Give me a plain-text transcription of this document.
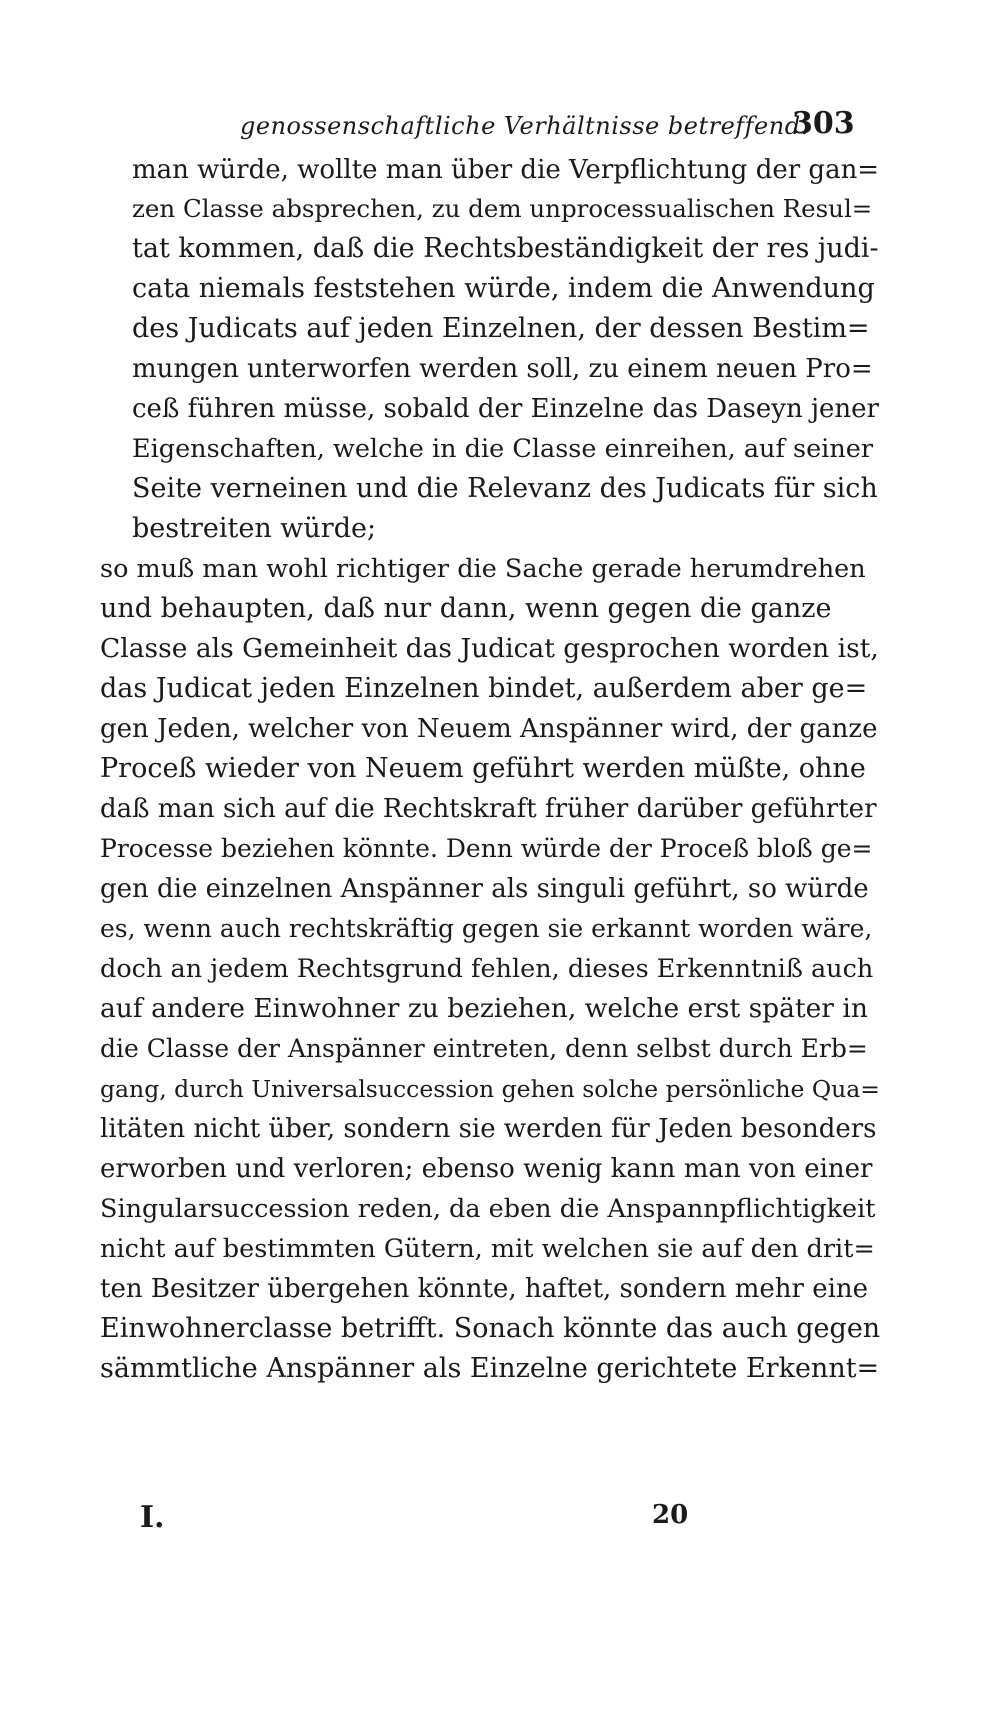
genossenschaftliche Verhältnisse betreffend.
303
man würde, wollte man über die Verpflichtung der gan=
zen Classe absprechen, zu dem unprocessualischen Resul=
tat kommen, daß die Rechtsbeständigkeit der res judi-
cata niemals feststehen würde, indem die Anwendung
des Judicats auf jeden Einzelnen, der dessen Bestim=
mungen unterworfen werden soll, zu einem neuen Pro=
ceß führen müsse, sobald der Einzelne das Daseyn jener
Eigenschaften, welche in die Classe einreihen, auf seiner
Seite verneinen und die Relevanz des Judicats für sich
bestreiten würde;
so muß man wohl richtiger die Sache gerade herumdrehen
und behaupten, daß nur dann, wenn gegen die ganze
Classe als Gemeinheit das Judicat gesprochen worden ist,
das Judicat jeden Einzelnen bindet, außerdem aber ge=
gen Jeden, welcher von Neuem Anspänner wird, der ganze
Proceß wieder von Neuem geführt werden müßte, ohne
daß man sich auf die Rechtskraft früher darüber geführter
Processe beziehen könnte. Denn würde der Proceß bloß ge=
gen die einzelnen Anspänner als singuli geführt, so würde
es, wenn auch rechtskräftig gegen sie erkannt worden wäre,
doch an jedem Rechtsgrund fehlen, dieses Erkenntniß auch
auf andere Einwohner zu beziehen, welche erst später in
die Classe der Anspänner eintreten, denn selbst durch Erb=
gang, durch Universalsuccession gehen solche persönliche Qua=
litäten nicht über, sondern sie werden für Jeden besonders
erworben und verloren; ebenso wenig kann man von einer
Singularsuccession reden, da eben die Anspannpflichtigkeit
nicht auf bestimmten Gütern, mit welchen sie auf den drit=
ten Besitzer übergehen könnte, haftet, sondern mehr eine
Einwohnerclasse betrifft. Sonach könnte das auch gegen
sämmtliche Anspänner als Einzelne gerichtete Erkennt=
I.	20
